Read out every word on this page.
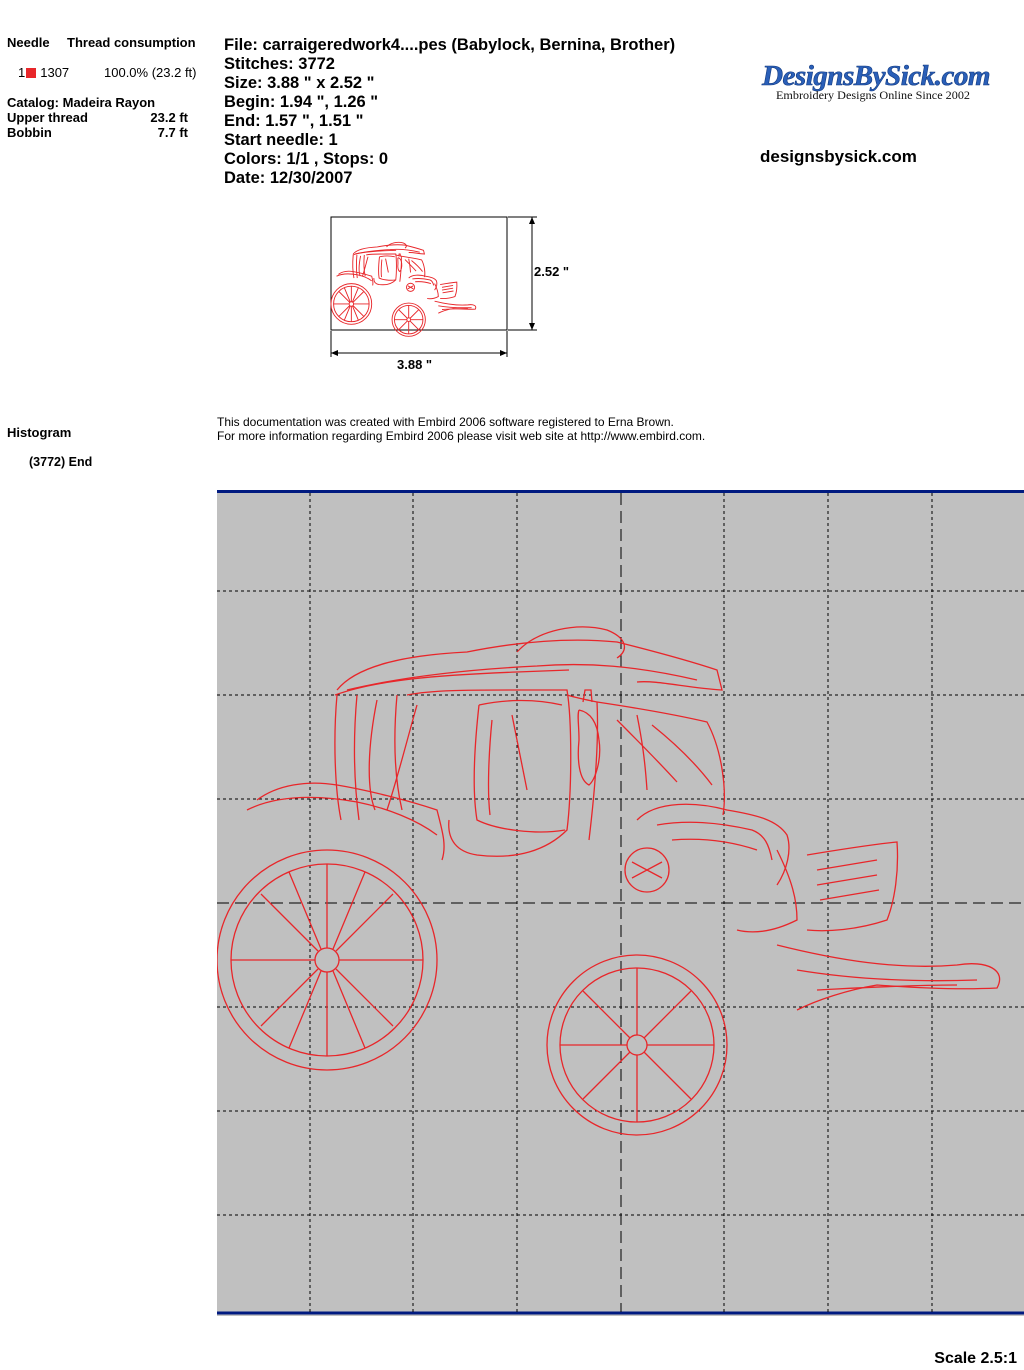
Needle Thread consumption
1 1307	100.0% (23.2 ft)
Catalog: Madeira Rayon
Upper thread	23.2 ft
Bobbin	7.7 ft
File: carraigeredwork4....pes (Babylock, Bernina, Brother)
Stitches: 3772
Size: 3.88 " x 2.52 "
Begin: 1.94 ", 1.26 "
End: 1.57 ", 1.51 "
Start needle: 1
Colors: 1/1 , Stops: 0
Date: 12/30/2007
DesignsBySick.com
Embroidery Designs Online Since 2002
designsbysick.com
3.88 "
2.52 "
Histogram
(3772) End
This documentation was created with Embird 2006 software registered to Erna Brown.
For more information regarding Embird 2006 please visit web site at http://www.embird.com.
Scale 2.5:1
